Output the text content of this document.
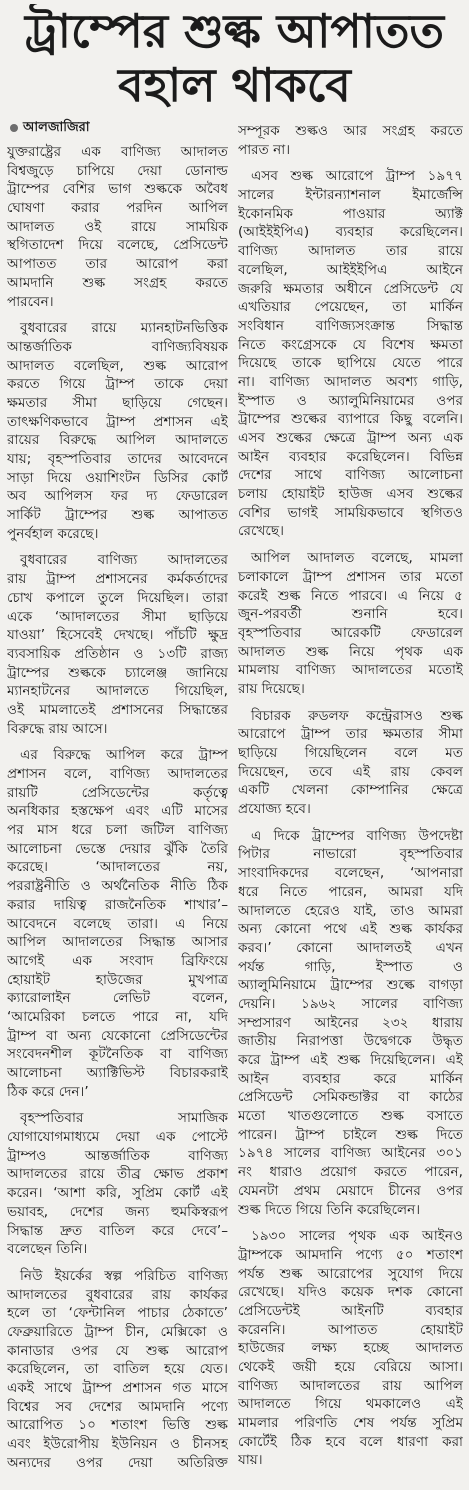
ট্রাম্পের শুল্ক আপাতত
বহাল থাকবে
আলজাজিরা
যুক্তরাষ্ট্রের এক বাণিজ্য আদালত
বিশ্বজুড়ে চাপিয়ে দেয়া ডোনাল্ড
ট্রাম্পের বেশির ভাগ শুল্ককে অবৈধ
ঘোষণা করার পরদিন আপিল
আদালত ওই রায়ে সাময়িক
স্থগিতাদেশ দিয়ে বলেছে, প্রেসিডেন্ট
আপাতত তার আরোপ করা
আমদানি শুল্ক সংগ্রহ করতে
পারবেন।
বুধবারের রায়ে ম্যানহাটনভিত্তিক
আন্তর্জাতিক বাণিজ্যবিষয়ক
আদালত বলেছিল, শুল্ক আরোপ
করতে গিয়ে ট্রাম্প তাকে দেয়া
ক্ষমতার সীমা ছাড়িয়ে গেছেন।
তাৎক্ষণিকভাবে ট্রাম্প প্রশাসন এই
রায়ের বিরুদ্ধে আপিল আদালতে
যায়; বৃহস্পতিবার তাদের আবেদনে
সাড়া দিয়ে ওয়াশিংটন ডিসির কোর্ট
অব আপিলস ফর দ্য ফেডারেল
সার্কিট ট্রাম্পের শুল্ক আপাতত
পুনর্বহাল করেছে।
বুধবারের বাণিজ্য আদালতের
রায় ট্রাম্প প্রশাসনের কর্মকর্তাদের
চোখ কপালে তুলে দিয়েছিল। তারা
একে ‘আদালতের সীমা ছাড়িয়ে
যাওয়া’ হিসেবেই দেখছে। পাঁচটি ক্ষুদ্র
ব্যবসায়িক প্রতিষ্ঠান ও ১৩টি রাজ্য
ট্রাম্পের শুল্ককে চ্যালেঞ্জ জানিয়ে
ম্যানহাটনের আদালতে গিয়েছিল,
ওই মামলাতেই প্রশাসনের সিদ্ধান্তের
বিরুদ্ধে রায় আসে।
এর বিরুদ্ধে আপিল করে ট্রাম্প
প্রশাসন বলে, বাণিজ্য আদালতের
রায়টি প্রেসিডেন্টের কর্তৃত্বে
অনধিকার হস্তক্ষেপ এবং এটি মাসের
পর মাস ধরে চলা জটিল বাণিজ্য
আলোচনা ভেস্তে দেয়ার ঝুঁকি তৈরি
করেছে। ‘আদালতের নয়,
পররাষ্ট্রনীতি ও অর্থনৈতিক নীতি ঠিক
করার দায়িত্ব রাজনৈতিক শাখার’–
আবেদনে বলেছে তারা। এ নিয়ে
আপিল আদালতের সিদ্ধান্ত আসার
আগেই এক সংবাদ ব্রিফিংয়ে
হোয়াইট হাউজের মুখপাত্র
ক্যারোলাইন লেভিট বলেন,
‘আমেরিকা চলতে পারে না, যদি
ট্রাম্প বা অন্য যেকোনো প্রেসিডেন্টের
সংবেদনশীল কূটনৈতিক বা বাণিজ্য
আলোচনা অ্যাক্টিভিস্ট বিচারকরাই
ঠিক করে দেন।’
বৃহস্পতিবার সামাজিক
যোগাযোগমাধ্যমে দেয়া এক পোস্টে
ট্রাম্পও আন্তর্জাতিক বাণিজ্য
আদালতের রায়ে তীব্র ক্ষোভ প্রকাশ
করেন। ‘আশা করি, সুপ্রিম কোর্ট এই
ভয়াবহ, দেশের জন্য হুমকিস্বরূপ
সিদ্ধান্ত দ্রুত বাতিল করে দেবে’–
বলেছেন তিনি।
নিউ ইয়র্কের স্বল্প পরিচিত বাণিজ্য
আদালতের বুধবারের রায় কার্যকর
হলে তা ‘ফেন্টানিল পাচার ঠেকাতে’
ফেব্রুয়ারিতে ট্রাম্প চীন, মেক্সিকো ও
কানাডার ওপর যে শুল্ক আরোপ
করেছিলেন, তা বাতিল হয়ে যেত।
একই সাথে ট্রাম্প প্রশাসন গত মাসে
বিশ্বের সব দেশের আমদানি পণ্যে
আরোপিত ১০ শতাংশ ভিত্তি শুল্ক
এবং ইউরোপীয় ইউনিয়ন ও চীনসহ
অন্যদের ওপর দেয়া অতিরিক্ত
সম্পূরক শুল্কও আর সংগ্রহ করতে
পারত না।
এসব শুল্ক আরোপে ট্রাম্প ১৯৭৭
সালের ইন্টারন্যাশনাল ইমার্জেন্সি
ইকোনমিক পাওয়ার অ্যাক্ট
(আইইইপিএ) ব্যবহার করেছিলেন।
বাণিজ্য আদালত তার রায়ে
বলেছিল, আইইইপিএ আইনে
জরুরি ক্ষমতার অধীনে প্রেসিডেন্ট যে
এখতিয়ার পেয়েছেন, তা মার্কিন
সংবিধান বাণিজ্যসংক্রান্ত সিদ্ধান্ত
নিতে কংগ্রেসকে যে বিশেষ ক্ষমতা
দিয়েছে তাকে ছাপিয়ে যেতে পারে
না। বাণিজ্য আদালত অবশ্য গাড়ি,
ইস্পাত ও অ্যালুমিনিয়ামের ওপর
ট্রাম্পের শুল্কের ব্যাপারে কিছু বলেনি।
এসব শুল্কের ক্ষেত্রে ট্রাম্প অন্য এক
আইন ব্যবহার করেছিলেন। বিভিন্ন
দেশের সাথে বাণিজ্য আলোচনা
চলায় হোয়াইট হাউজ এসব শুল্কের
বেশির ভাগই সাময়িকভাবে স্থগিতও
রেখেছে।
আপিল আদালত বলেছে, মামলা
চলাকালে ট্রাম্প প্রশাসন তার মতো
করেই শুল্ক নিতে পারবে। এ নিয়ে ৫
জুন-পরবর্তী শুনানি হবে।
বৃহস্পতিবার আরেকটি ফেডারেল
আদালত শুল্ক নিয়ে পৃথক এক
মামলায় বাণিজ্য আদালতের মতোই
রায় দিয়েছে।
বিচারক রুডলফ কন্ট্রেরাসও শুল্ক
আরোপে ট্রাম্প তার ক্ষমতার সীমা
ছাড়িয়ে গিয়েছিলেন বলে মত
দিয়েছেন, তবে এই রায় কেবল
একটি খেলনা কোম্পানির ক্ষেত্রে
প্রযোজ্য হবে।
এ দিকে ট্রাম্পের বাণিজ্য উপদেষ্টা
পিটার নাভারো বৃহস্পতিবার
সাংবাদিকদের বলেছেন, ‘আপনারা
ধরে নিতে পারেন, আমরা যদি
আদালতে হেরেও যাই, তাও আমরা
অন্য কোনো পথে এই শুল্ক কার্যকর
করব।’ কোনো আদালতই এখন
পর্যন্ত গাড়ি, ইস্পাত ও
অ্যালুমিনিয়ামে ট্রাম্পের শুল্কে বাগড়া
দেয়নি। ১৯৬২ সালের বাণিজ্য
সম্প্রসারণ আইনের ২৩২ ধারায়
জাতীয় নিরাপত্তা উদ্বেগকে উদ্ধৃত
করে ট্রাম্প এই শুল্ক দিয়েছিলেন। এই
আইন ব্যবহার করে মার্কিন
প্রেসিডেন্ট সেমিকন্ডাক্টর বা কাঠের
মতো খাতগুলোতে শুল্ক বসাতে
পারেন। ট্রাম্প চাইলে শুল্ক দিতে
১৯৭৪ সালের বাণিজ্য আইনের ৩০১
নং ধারাও প্রয়োগ করতে পারেন,
যেমনটা প্রথম মেয়াদে চীনের ওপর
শুল্ক দিতে গিয়ে তিনি করেছিলেন।
১৯৩০ সালের পৃথক এক আইনও
ট্রাম্পকে আমদানি পণ্যে ৫০ শতাংশ
পর্যন্ত শুল্ক আরোপের সুযোগ দিয়ে
রেখেছে। যদিও কয়েক দশক কোনো
প্রেসিডেন্টই আইনটি ব্যবহার
করেননি। আপাতত হোয়াইট
হাউজের লক্ষ্য হচ্ছে আদালত
থেকেই জয়ী হয়ে বেরিয়ে আসা।
বাণিজ্য আদালতের রায় আপিল
আদালতে গিয়ে থমকালেও এই
মামলার পরিণতি শেষ পর্যন্ত সুপ্রিম
কোর্টেই ঠিক হবে বলে ধারণা করা
যায়।
